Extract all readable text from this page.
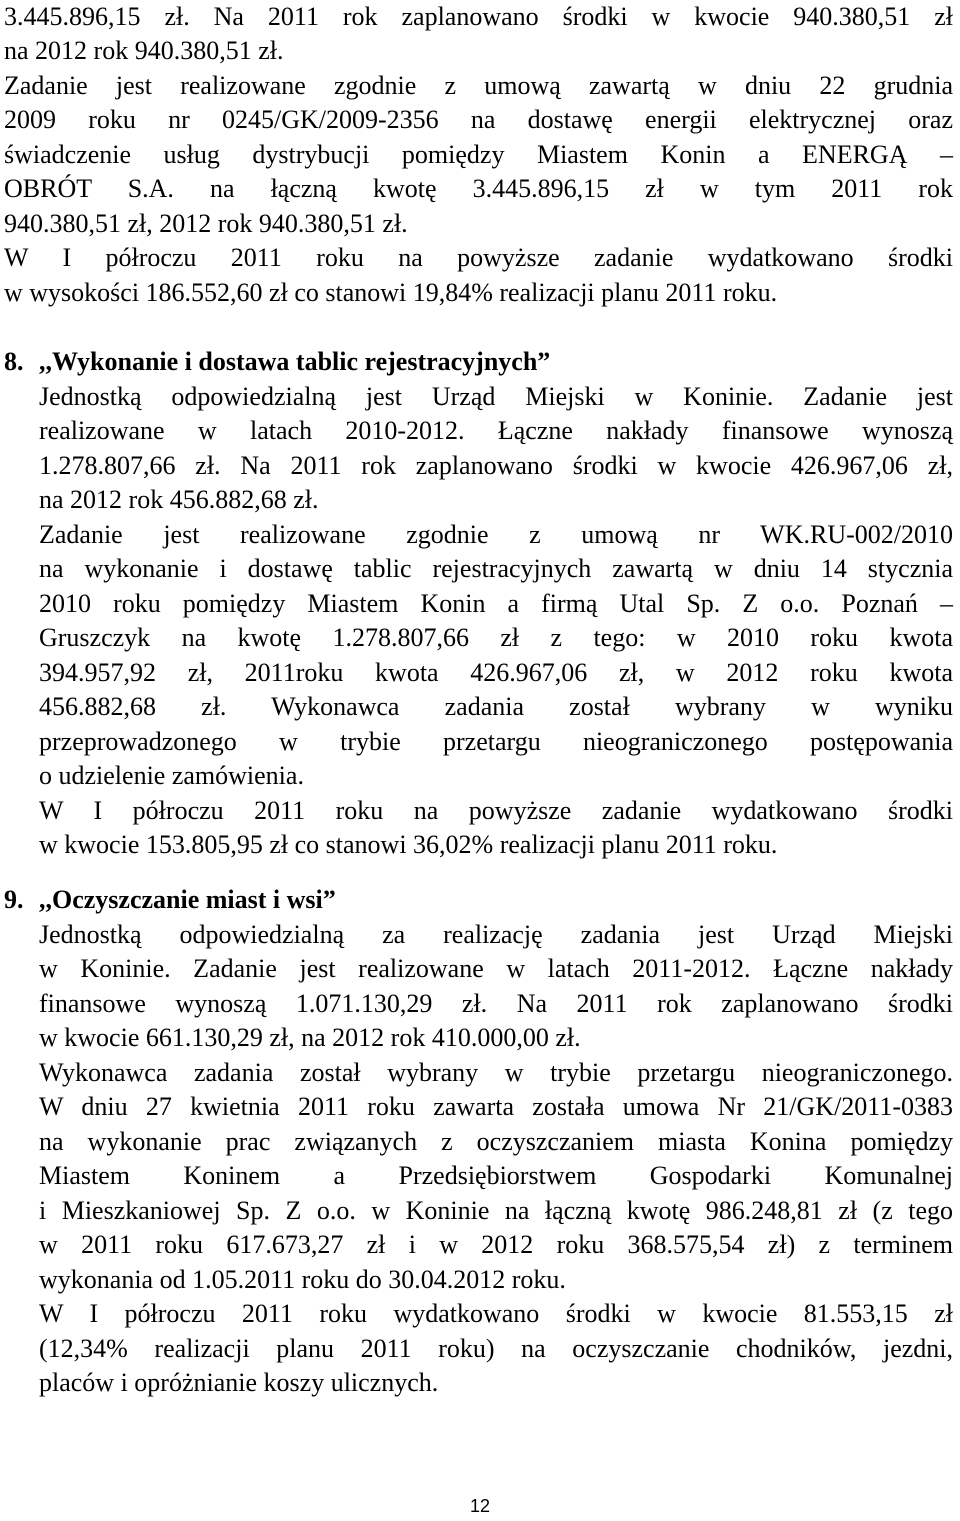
3.445.896,15 zł. Na 2011 rok zaplanowano środki w kwocie 940.380,51 zł
na 2012 rok 940.380,51 zł.
Zadanie jest realizowane zgodnie z umową zawartą w dniu 22 grudnia
2009 roku nr 0245/GK/2009-2356 na dostawę energii elektrycznej oraz
świadczenie usług dystrybucji pomiędzy Miastem Konin a ENERGĄ –
OBRÓT S.A. na łączną kwotę 3.445.896,15 zł w tym 2011 rok
940.380,51 zł, 2012 rok 940.380,51 zł.
W I półroczu 2011 roku na powyższe zadanie wydatkowano środki
w wysokości 186.552,60 zł co stanowi 19,84% realizacji planu 2011 roku.
8. ,,Wykonanie i dostawa tablic rejestracyjnych”
Jednostką odpowiedzialną jest Urząd Miejski w Koninie. Zadanie jest
realizowane w latach 2010-2012. Łączne nakłady finansowe wynoszą
1.278.807,66 zł. Na 2011 rok zaplanowano środki w kwocie 426.967,06 zł,
na 2012 rok 456.882,68 zł.
Zadanie jest realizowane zgodnie z umową nr WK.RU-002/2010
na wykonanie i dostawę tablic rejestracyjnych zawartą w dniu 14 stycznia
2010 roku pomiędzy Miastem Konin a firmą Utal Sp. Z o.o. Poznań –
Gruszczyk na kwotę 1.278.807,66 zł z tego: w 2010 roku kwota
394.957,92 zł, 2011roku kwota 426.967,06 zł, w 2012 roku kwota
456.882,68 zł. Wykonawca zadania został wybrany w wyniku
przeprowadzonego w trybie przetargu nieograniczonego postępowania
o udzielenie zamówienia.
W I półroczu 2011 roku na powyższe zadanie wydatkowano środki
w kwocie 153.805,95 zł co stanowi 36,02% realizacji planu 2011 roku.
9. ,,Oczyszczanie miast i wsi”
Jednostką odpowiedzialną za realizację zadania jest Urząd Miejski
w Koninie. Zadanie jest realizowane w latach 2011-2012. Łączne nakłady
finansowe wynoszą 1.071.130,29 zł. Na 2011 rok zaplanowano środki
w kwocie 661.130,29 zł, na 2012 rok 410.000,00 zł.
Wykonawca zadania został wybrany w trybie przetargu nieograniczonego.
W dniu 27 kwietnia 2011 roku zawarta została umowa Nr 21/GK/2011-0383
na wykonanie prac związanych z oczyszczaniem miasta Konina pomiędzy
Miastem Koninem a Przedsiębiorstwem Gospodarki Komunalnej
i Mieszkaniowej Sp. Z o.o. w Koninie na łączną kwotę 986.248,81 zł (z tego
w 2011 roku 617.673,27 zł i w 2012 roku 368.575,54 zł) z terminem
wykonania od 1.05.2011 roku do 30.04.2012 roku.
W I półroczu 2011 roku wydatkowano środki w kwocie 81.553,15 zł
(12,34% realizacji planu 2011 roku) na oczyszczanie chodników, jezdni,
placów i opróżnianie koszy ulicznych.
12
